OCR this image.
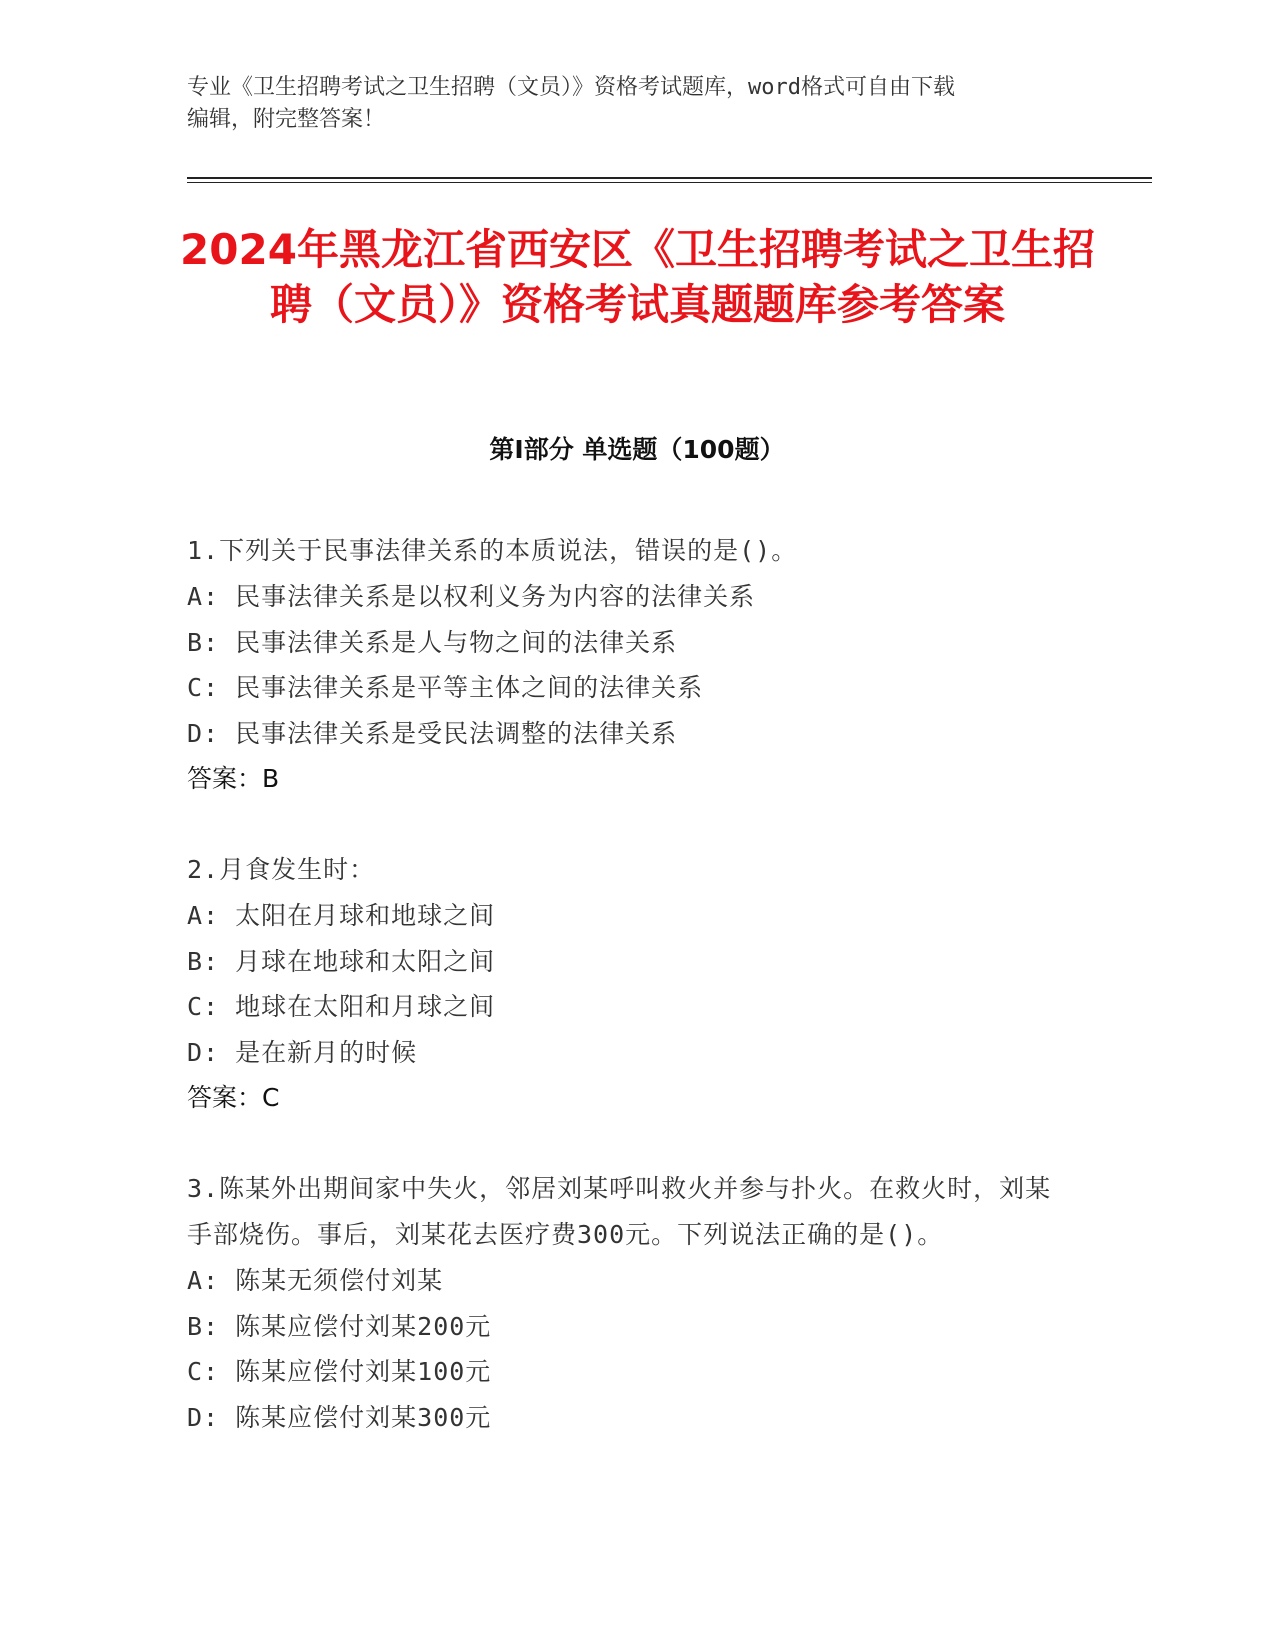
专业《卫生招聘考试之卫生招聘（文员）》资格考试题库，word格式可自由下载

编辑，附完整答案！

2024年黑龙江省西安区《卫生招聘考试之卫生招聘（文员）》资格考试真题题库参考答案
第Ⅰ部分 单选题（100题）

1.下列关于民事法律关系的本质说法，错误的是()。

A: 民事法律关系是以权利义务为内容的法律关系

B: 民事法律关系是人与物之间的法律关系

C: 民事法律关系是平等主体之间的法律关系

D: 民事法律关系是受民法调整的法律关系

答案：B

2.月食发生时：

A: 太阳在月球和地球之间

B: 月球在地球和太阳之间

C: 地球在太阳和月球之间

D: 是在新月的时候

答案：C

3.陈某外出期间家中失火，邻居刘某呼叫救火并参与扑火。在救火时，刘某手部烧伤。事后，刘某花去医疗费300元。下列说法正确的是()。

A: 陈某无须偿付刘某

B: 陈某应偿付刘某200元

C: 陈某应偿付刘某100元

D: 陈某应偿付刘某300元
